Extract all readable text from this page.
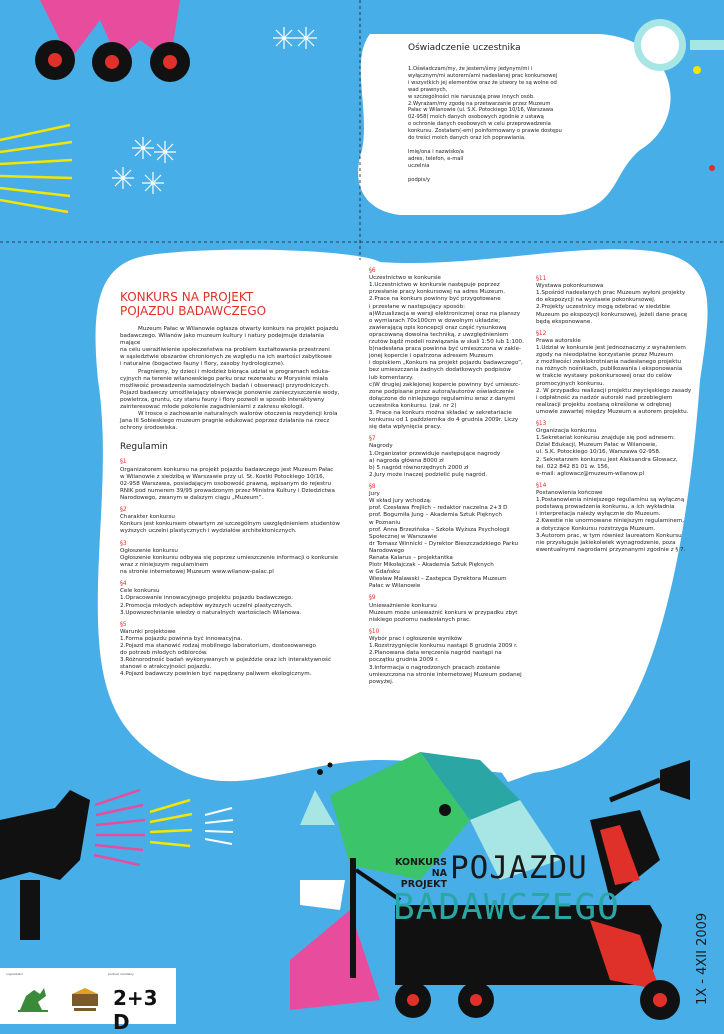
Oświadczenie uczestnika

1.Oświadczam/my, że jestem/śmy jedynym/mi i

wyłącznym/mi autorem/ami nadesłanej prac konkursowej

i wszystkich jej elementów oraz że utwory te są wolne od

wad prawnych,

w szczególności nie naruszają praw innych osób.

2.Wyrażam/my zgodę na przetwarzanie przez Muzeum

Pałac w Wilanowie (ul. S.K. Potockiego 10/16, Warszawa

02-958) moich danych osobowych zgodnie z ustawą

o ochronie danych osobowych w celu przeprowadzenia

konkursu. Zostałam(-em) poinformowany o prawie dostępu

do treści moich danych oraz ich poprawiania.

Imię/ona i nazwisko/a

adres, telefon, e-mail

uczelnia

podpis/y

KONKURS NA PROJEKT
POJAZDU BADAWCZEGO

Muzeum Pałac w Wilanowie ogłasza otwarty konkurs na projekt pojazdu

badawczego. Wilanów jako muzeum kultury i natury podejmuje działania

mające

na celu uwrażliwienie społeczeństwa na problem kształtowania przestrzeni

w sąsiedztwie obszarów chronionych ze względu na ich wartości zabytkowe

i naturalne (bogactwo fauny i flory, zasoby hydrologiczne).

Pragniemy, by dzieci i młodzież biorąca udział w programach eduka-

cyjnych na terenie wilanowskiego parku oraz rezerwatu w Morysinie miała

możliwość prowadzenia samodzielnych badań i obserwacji przyrodniczych.

Pojazd badawczy umożliwiający obserwacje ponownie zanieczyszczenie wody,

powietrza, gruntu, czy stanu fauny i flory pozwoli w sposób interaktywny

zainteresować młode pokolenie zagadnieniami z zakresu ekologii.

W trosce o zachowanie naturalnych walorów otoczenia rezydencji króla

Jana III Sobieskiego muzeum pragnie edukować poprzez działania na rzecz

ochrony środowiska.

Regulamin

§1

Organizatorem konkursu na projekt pojazdu badawczego jest Muzeum Pałac

w Wilanowie z siedzibą w Warszawie przy ul. St. Kostki Potockiego 10/16,

02-958 Warszawa, posiadającym osobowość prawną, wpisanym do rejestru

RNIK pod numerem 39/95 prowadzonym przez Ministra Kultury i Dziedzictwa

Narodowego, zwanym w dalszym ciągu „Muzeum”.

§2

Charakter konkursu

Konkurs jest konkursem otwartym ze szczególnym uwzględnieniem studentów

wyższych uczelni plastycznych i wydziałów architektonicznych.

§3

Ogłoszenie konkursu

Ogłoszenie konkursu odbywa się poprzez umieszczenie informacji o konkursie

wraz z niniejszym regulaminem

na stronie internetowej Muzeum www.wilanow-palac.pl

§4

Cele konkursu

1.Opracowanie innowacyjnego projektu pojazdu badawczego.

2.Promocja młodych adeptów wyższych uczelni plastycznych.

3.Upowszechnianie wiedzy o naturalnych wartościach Wilanowa.

§5

Warunki projektowe

1.Forma pojazdu powinna być innowacyjna.

2.Pojazd ma stanowić rodzaj mobilnego laboratorium, dostosowanego

do potrzeb młodych odbiorców.

3.Różnorodność badań wykonywanych w pojeździe oraz ich interaktywność

stanowi o atrakcyjności pojazdu.

4.Pojazd badawczy powinien być napędzany paliwem ekologicznym.

§6

Uczestnictwo w konkursie

1.Uczestnictwo w konkursie następuje poprzez

przesłanie pracy konkursowej na adres Muzeum.

2.Prace na konkurs powinny być przygotowane

i przesłane w następujący sposób:

a)Wizualizacja w wersji elektronicznej oraz na planszy

o wymiarach 70x100cm w dowolnym układzie;

zawierającą opis koncepcji oraz część rysunkową

opracowaną dowolna techniką, z uwzględnieniem

rzutów bądź modeli rozwiązania w skali 1:50 lub 1:100.

b)nadesłana praca powinna być umieszczona w zakle-

jonej kopercie i opatrzona adresem Muzeum

i dopiskiem „Konkurs na projekt pojazdu badawczego”,

bez umieszczania żadnych dodatkowych podpisów

lub komentarzy.

c)W drugiej zaklejonej kopercie powinny być umieszc-

zone podpisane przez autora/autorów oświadczenie

dołączone do niniejszego regulaminu wraz z danymi

uczestnika konkursu. (zał. nr 2)

3. Prace na konkurs można składać w sekretariacie

konkursu od 1 października do 4 grudnia 2009r. Liczy

się data wpłynięcia pracy.

§7

Nagrody

1.Organizator przewiduje następujące nagrody

a) nagroda główna 8000 zł

b) 5 nagród równorzędnych 2000 zł

2.Jury może inaczej podzielić pulę nagród.

§8

Jury

W skład jury wchodzą:

prof. Czesława Frejlich – redaktor naczelna 2+3 D

prof. Bogumiła Jung – Akademia Sztuk Pięknych

w Poznaniu

prof. Anna Brzezińska – Szkoła Wyższa Psychologii

Społecznej w Warszawie

dr Tomasz Winnicki – Dyrektor Bieszczadzkiego Parku

Narodowego

Renata Kalarus – projektantka

Piotr Mikołajczak – Akademia Sztuk Pięknych

w Gdańsku

Wiesław Malawski – Zastępca Dyrektora Muzeum

Pałac w Wilanowie

§9

Unieważnienie konkursu

Muzeum może unieważnić konkurs w przypadku zbyt

niskiego poziomu nadesłanych prac.

§10

Wybór prac i ogłoszenie wyników

1.Rozstrzygnięcie konkursu nastąpi 8 grudnia 2009 r.

2.Planowana data wręczenia nagród nastąpi na

początku grudnia 2009 r.

3.Informacja o nagrodzonych pracach zostanie

umieszczona na stronie internetowej Muzeum podanej

powyżej.

§11

Wystawa pokonkursowa

1.Spośród nadesłanych prac Muzeum wyłoni projekty

do ekspozycji na wystawie pokonkursowej.

2.Projekty uczestnicy mogą odebrać w siedzibie

Muzeum po ekspozycji konkursowej, jeżeli dane pracę

będą eksponowane.

§12

Prawa autorskie

1.Udział w konkursie jest jednoznaczny z wyrażeniem

zgody na nieodpłatne korzystanie przez Muzeum

z możliwości zwielokrotniania nadesłanego projektu

na różnych nośnikach, publikowania i eksponowania

w trakcie wystawy pokonkursowej oraz do celów

promocyjnych konkursu.

2. W przypadku realizacji projektu zwycięskiego zasady

i odpłatność za nadzór autorski nad przebiegiem

realizacji projektu zostaną określone w odrębnej

umowie zawartej między Muzeum a autorem projektu.

§13

Organizacja konkursu

1.Sekretariat konkursu znajduje się pod adresem:

Dział Edukacji, Muzeum Pałac w Wilanowie,

ul. S.K. Potockiego 10/16, Warszawa 02-958.

2. Sekretarzem konkursu jest Aleksandra Głowacz,

tel. 022 842 81 01 w. 156,

e-mail: aglowacz@muzeum-wilanow.pl

§14

Postanowienia końcowe

1.Postanowienia niniejszego regulaminu są wyłączną

podstawą prowadzenia konkursu, a ich wykładnia

i interpretacja należy wyłącznie do Muzeum.

2.Kwestie nie unormowane niniejszym regulaminem,

a dotyczące Konkursu rozstrzyga Muzeum.

3.Autorom prac, w tym również laureatom Konkursu

nie przysługuje jakiekolwiek wynagrodzenie, poza

ewentualnymi nagrodami przyznanymi zgodnie z § 7.

KONKURS
NA PROJEKT POJAZDU
BADAWCZEGO
1X - 4XII 2009
organizator	partner medialny
2+3 D
